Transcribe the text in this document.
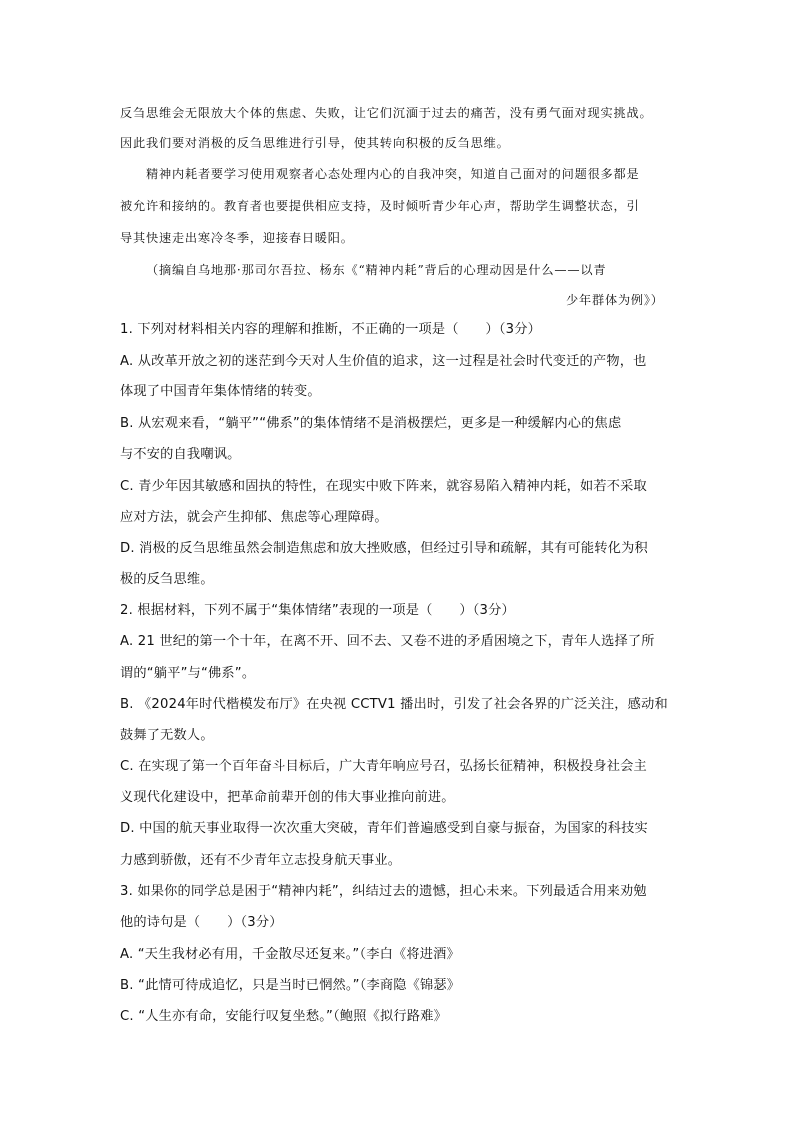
反刍思维会无限放大个体的焦虑、失败，让它们沉湎于过去的痛苦，没有勇气面对现实挑战。
因此我们要对消极的反刍思维进行引导，使其转向积极的反刍思维。
精神内耗者要学习使用观察者心态处理内心的自我冲突，知道自己面对的问题很多都是
被允许和接纳的。教育者也要提供相应支持，及时倾听青少年心声，帮助学生调整状态，引
导其快速走出寒冷冬季，迎接春日暖阳。
（摘编自乌地那·那司尔吾拉、杨东《“精神内耗”背后的心理动因是什么——以青
少年群体为例》）
1. 下列对材料相关内容的理解和推断，不正确的一项是（　　）（3分）
A. 从改革开放之初的迷茫到今天对人生价值的追求，这一过程是社会时代变迁的产物，也
体现了中国青年集体情绪的转变。
B. 从宏观来看，“躺平”“佛系”的集体情绪不是消极摆烂，更多是一种缓解内心的焦虑
与不安的自我嘲讽。
C. 青少年因其敏感和固执的特性，在现实中败下阵来，就容易陷入精神内耗，如若不采取
应对方法，就会产生抑郁、焦虑等心理障碍。
D. 消极的反刍思维虽然会制造焦虑和放大挫败感，但经过引导和疏解，其有可能转化为积
极的反刍思维。
2. 根据材料，下列不属于“集体情绪”表现的一项是（　　）（3分）
A. 21 世纪的第一个十年，在离不开、回不去、又卷不进的矛盾困境之下，青年人选择了所
谓的“躺平”与“佛系”。
B. 《2024年时代楷模发布厅》在央视 CCTV1 播出时，引发了社会各界的广泛关注，感动和
鼓舞了无数人。
C. 在实现了第一个百年奋斗目标后，广大青年响应号召，弘扬长征精神，积极投身社会主
义现代化建设中，把革命前辈开创的伟大事业推向前进。
D. 中国的航天事业取得一次次重大突破，青年们普遍感受到自豪与振奋，为国家的科技实
力感到骄傲，还有不少青年立志投身航天事业。
3. 如果你的同学总是困于“精神内耗”，纠结过去的遗憾，担心未来。下列最适合用来劝勉
他的诗句是（　　）（3分）
A. “天生我材必有用，千金散尽还复来。”（李白《将进酒》
B. “此情可待成追忆，只是当时已惘然。”（李商隐《锦瑟》
C. “人生亦有命，安能行叹复坐愁。”（鲍照《拟行路难》
